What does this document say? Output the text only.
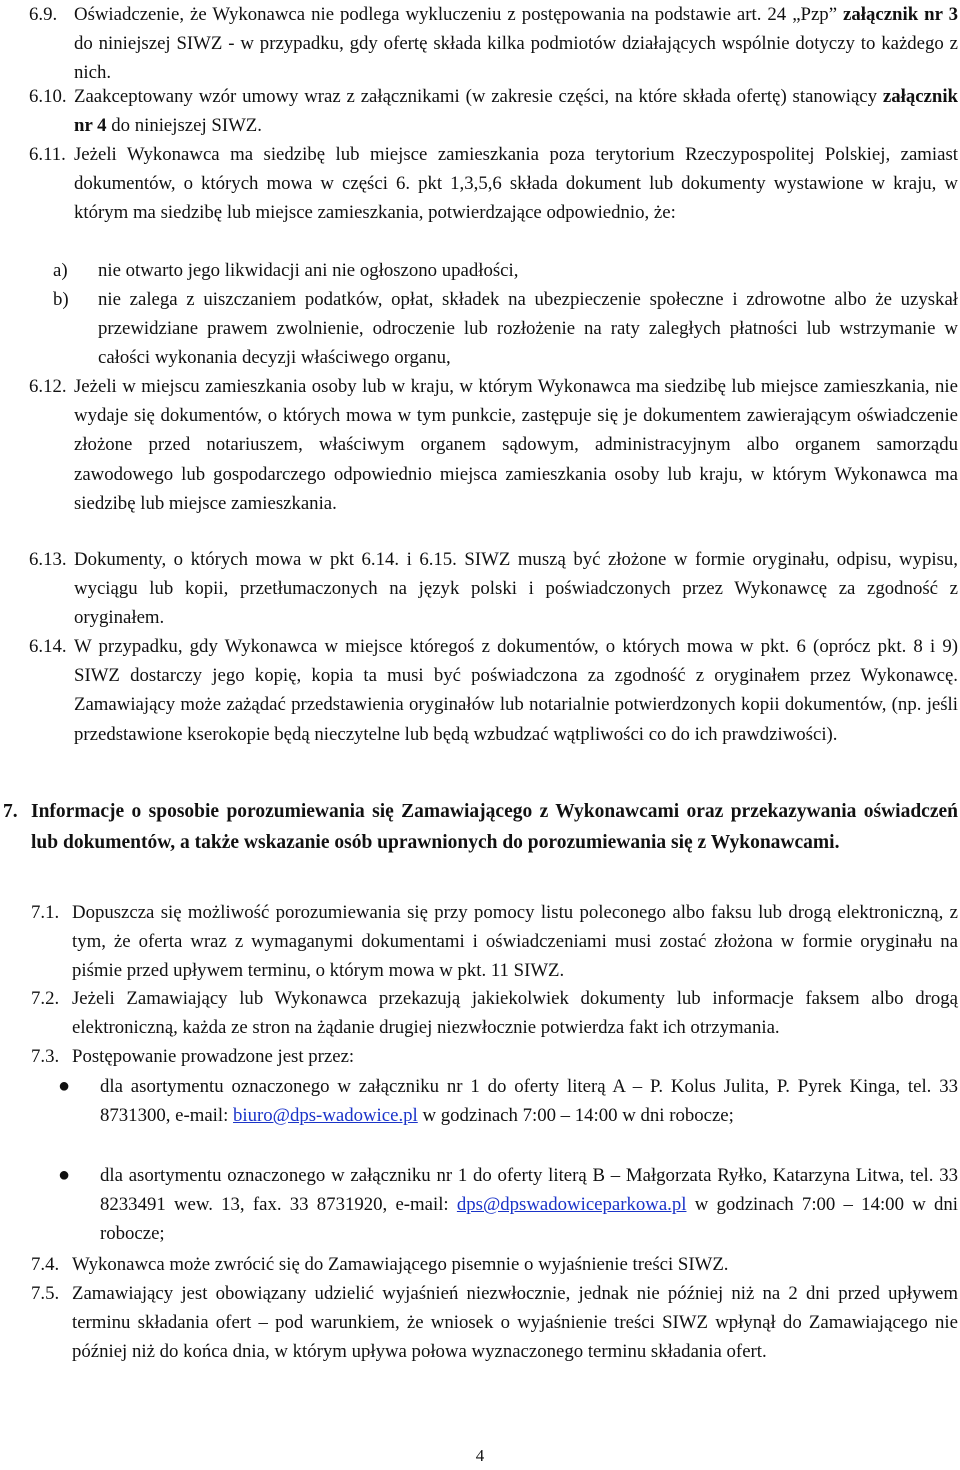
6.9. Oświadczenie, że Wykonawca nie podlega wykluczeniu z postępowania na podstawie art. 24 „Pzp” załącznik nr 3 do niniejszej SIWZ - w przypadku, gdy ofertę składa kilka podmiotów działających wspólnie dotyczy to każdego z nich.
6.10. Zaakceptowany wzór umowy wraz z załącznikami (w zakresie części, na które składa ofertę) stanowiący załącznik nr 4 do niniejszej SIWZ.
6.11. Jeżeli Wykonawca ma siedzibę lub miejsce zamieszkania poza terytorium Rzeczypospolitej Polskiej, zamiast dokumentów, o których mowa w części 6. pkt 1,3,5,6 składa dokument lub dokumenty wystawione w kraju, w którym ma siedzibę lub miejsce zamieszkania, potwierdzające odpowiednio, że:
a) nie otwarto jego likwidacji ani nie ogłoszono upadłości,
b) nie zalega z uiszczaniem podatków, opłat, składek na ubezpieczenie społeczne i zdrowotne albo że uzyskał przewidziane prawem zwolnienie, odroczenie lub rozłożenie na raty zaległych płatności lub wstrzymanie w całości wykonania decyzji właściwego organu,
6.12. Jeżeli w miejscu zamieszkania osoby lub w kraju, w którym Wykonawca ma siedzibę lub miejsce zamieszkania, nie wydaje się dokumentów, o których mowa w tym punkcie, zastępuje się je dokumentem zawierającym oświadczenie złożone przed notariuszem, właściwym organem sądowym, administracyjnym albo organem samorządu zawodowego lub gospodarczego odpowiednio miejsca zamieszkania osoby lub kraju, w którym Wykonawca ma siedzibę lub miejsce zamieszkania.
6.13. Dokumenty, o których mowa w pkt 6.14. i 6.15. SIWZ muszą być złożone w formie oryginału, odpisu, wypisu, wyciągu lub kopii, przetłumaczonych na język polski i poświadczonych przez Wykonawcę za zgodność z oryginałem.
6.14. W przypadku, gdy Wykonawca w miejsce któregoś z dokumentów, o których mowa w pkt. 6 (oprócz pkt. 8 i 9) SIWZ dostarczy jego kopię, kopia ta musi być poświadczona za zgodność z oryginałem przez Wykonawcę. Zamawiający może zażądać przedstawienia oryginałów lub notarialnie potwierdzonych kopii dokumentów, (np. jeśli przedstawione kserokopie będą nieczytelne lub będą wzbudzać wątpliwości co do ich prawdziwości).
7. Informacje o sposobie porozumiewania się Zamawiającego z Wykonawcami oraz przekazywania oświadczeń lub dokumentów, a także wskazanie osób uprawnionych do porozumiewania się z Wykonawcami.
7.1. Dopuszcza się możliwość porozumiewania się przy pomocy listu poleconego albo faksu lub drogą elektroniczną, z tym, że oferta wraz z wymaganymi dokumentami i oświadczeniami musi zostać złożona w formie oryginału na piśmie przed upływem terminu, o którym mowa w pkt. 11 SIWZ.
7.2. Jeżeli Zamawiający lub Wykonawca przekazują jakiekolwiek dokumenty lub informacje faksem albo drogą elektroniczną, każda ze stron na żądanie drugiej niezwłocznie potwierdza fakt ich otrzymania.
7.3. Postępowanie prowadzone jest przez:
● dla asortymentu oznaczonego w załączniku nr 1 do oferty literą A – P. Kolus Julita, P. Pyrek Kinga, tel. 33 8731300, e-mail: biuro@dps-wadowice.pl w godzinach 7:00 – 14:00 w dni robocze;
● dla asortymentu oznaczonego w załączniku nr 1 do oferty literą B – Małgorzata Ryłko, Katarzyna Litwa, tel. 33 8233491 wew. 13, fax. 33 8731920, e-mail: dps@dpswadowiceparkowa.pl w godzinach 7:00 – 14:00 w dni robocze;
7.4. Wykonawca może zwrócić się do Zamawiającego pisemnie o wyjaśnienie treści SIWZ.
7.5. Zamawiający jest obowiązany udzielić wyjaśnień niezwłocznie, jednak nie później niż na 2 dni przed upływem terminu składania ofert – pod warunkiem, że wniosek o wyjaśnienie treści SIWZ wpłynął do Zamawiającego nie później niż do końca dnia, w którym upływa połowa wyznaczonego terminu składania ofert.
4
